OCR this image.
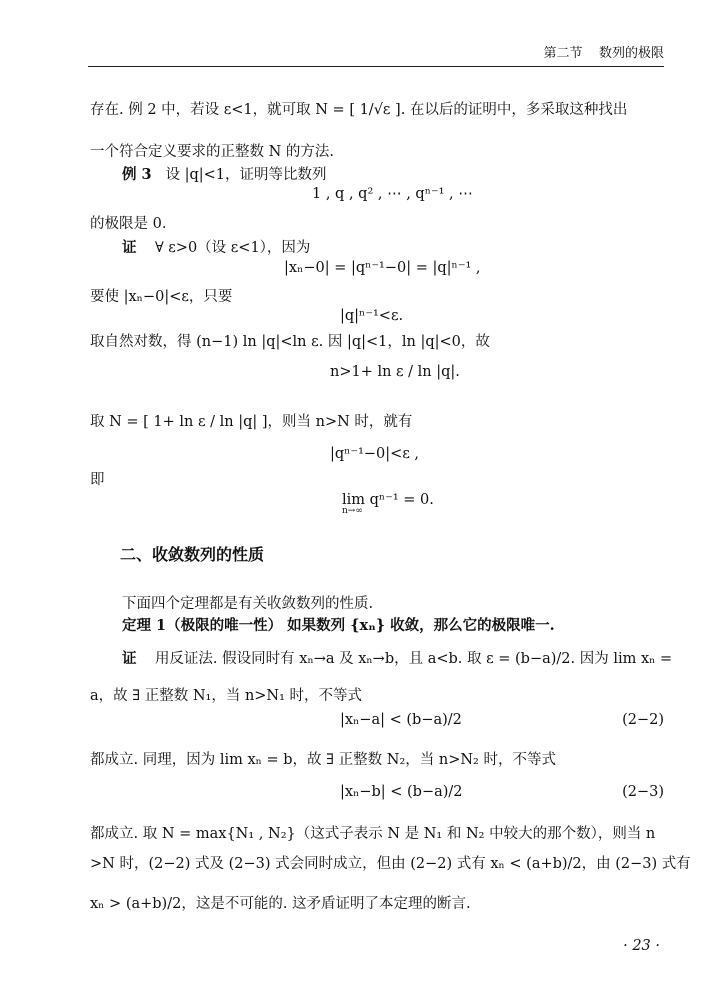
第二节 数列的极限
存在. 例 2 中，若设 ε<1，就可取 N = [ 1/√ε ]. 在以后的证明中，多采取这种找出
一个符合定义要求的正整数 N 的方法.
例 3 设 |q|<1，证明等比数列
1 , q , q² , ⋯ , qⁿ⁻¹ , ⋯
的极限是 0.
证 ∀ ε>0（设 ε<1），因为
|xₙ−0| = |qⁿ⁻¹−0| = |q|ⁿ⁻¹ ,
要使 |xₙ−0|<ε，只要
|q|ⁿ⁻¹<ε.
取自然对数，得 (n−1) ln |q|<ln ε. 因 |q|<1，ln |q|<0，故
n>1+ ln ε / ln |q|.
取 N = [ 1+ ln ε / ln |q| ]，则当 n>N 时，就有
|qⁿ⁻¹−0|<ε ,
即
lim qⁿ⁻¹ = 0.
n→∞
二、收敛数列的性质
下面四个定理都是有关收敛数列的性质.
定理 1（极限的唯一性） 如果数列 {xₙ} 收敛，那么它的极限唯一.
证 用反证法. 假设同时有 xₙ→a 及 xₙ→b，且 a<b. 取 ε = (b−a)/2. 因为 lim xₙ =
a，故 ∃ 正整数 N₁，当 n>N₁ 时，不等式
|xₙ−a| < (b−a)/2	(2−2)
都成立. 同理，因为 lim xₙ = b，故 ∃ 正整数 N₂，当 n>N₂ 时，不等式
|xₙ−b| < (b−a)/2	(2−3)
都成立. 取 N = max{N₁ , N₂}（这式子表示 N 是 N₁ 和 N₂ 中较大的那个数），则当 n
>N 时，(2−2) 式及 (2−3) 式会同时成立，但由 (2−2) 式有 xₙ < (a+b)/2，由 (2−3) 式有
xₙ > (a+b)/2，这是不可能的. 这矛盾证明了本定理的断言.
· 23 ·
